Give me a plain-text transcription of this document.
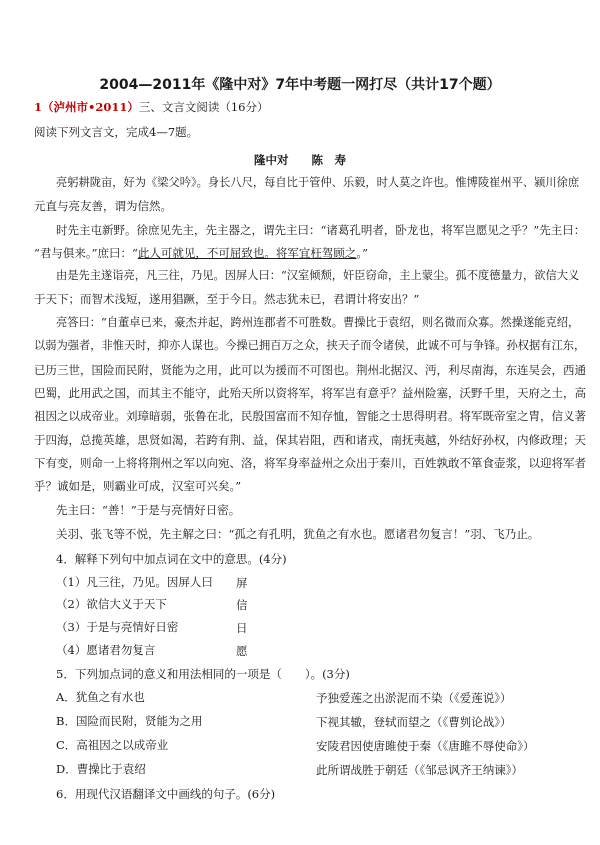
2004—2011年《隆中对》7年中考题一网打尽（共计17个题）
1（泸州市•2011）三、文言文阅读（16分）
阅读下列文言文，完成4—7题。
隆中对　　陈　寿
亮躬耕陇亩，好为《梁父吟》。身长八尺，每自比于管仲、乐毅，时人莫之许也。惟博陵崔州平、颍川徐庶
元直与亮友善，谓为信然。
时先主屯新野。徐庶见先主，先主器之，谓先主曰：“诸葛孔明者，卧龙也，将军岂愿见之乎？”先主曰：
“君与俱来。”庶曰：“此人可就见，不可屈致也。将军宜枉驾顾之。”
由是先主遂诣亮，凡三往，乃见。因屏人曰：“汉室倾颓，奸臣窃命，主上蒙尘。孤不度德量力，欲信大义
于天下；而智术浅短，遂用猖蹶，至于今日。然志犹未已，君谓计将安出？”
亮答曰：“自董卓已来，豪杰并起，跨州连郡者不可胜数。曹操比于袁绍，则名微而众寡。然操遂能克绍，
以弱为强者，非惟天时，抑亦人谋也。今操已拥百万之众，挟天子而令诸侯，此诚不可与争锋。孙权据有江东，
已历三世，国险而民附，贤能为之用，此可以为援而不可图也。荆州北据汉、沔，利尽南海，东连吴会，西通
巴蜀，此用武之国，而其主不能守，此殆天所以资将军，将军岂有意乎？益州险塞，沃野千里，天府之土，高
祖因之以成帝业。刘璋暗弱，张鲁在北，民殷国富而不知存恤，智能之士思得明君。将军既帝室之胄，信义著
于四海，总揽英雄，思贤如渴，若跨有荆、益，保其岩阻，西和诸戎，南抚夷越，外结好孙权，内修政理；天
下有变，则命一上将将荆州之军以向宛、洛，将军身率益州之众出于秦川，百姓孰敢不箪食壶浆，以迎将军者
乎？诚如是，则霸业可成，汉室可兴矣。”
先主曰：“善！”于是与亮情好日密。
关羽、张飞等不悦，先主解之曰：“孤之有孔明，犹鱼之有水也。愿诸君勿复言！”羽、飞乃止。
4．解释下列句中加点词在文中的意思。(4分)
（1）凡三往，乃见。因屏人曰 屏
（2）欲信大义于天下	信
（3）于是与亮情好日密	日
（4）愿诸君勿复言	愿
5．下列加点词的意义和用法相同的一项是（　　）。(3分)
A．犹鱼之有水也	予独爱莲之出淤泥而不染（《爱莲说》）
B．国险而民附，贤能为之用	下视其辙，登轼而望之（《曹刿论战》）
C．高祖因之以成帝业	安陵君因使唐雎使于秦（《唐雎不辱使命》）
D．曹操比于袁绍	此所谓战胜于朝廷（《邹忌讽齐王纳谏》）
6．用现代汉语翻译文中画线的句子。(6分)
